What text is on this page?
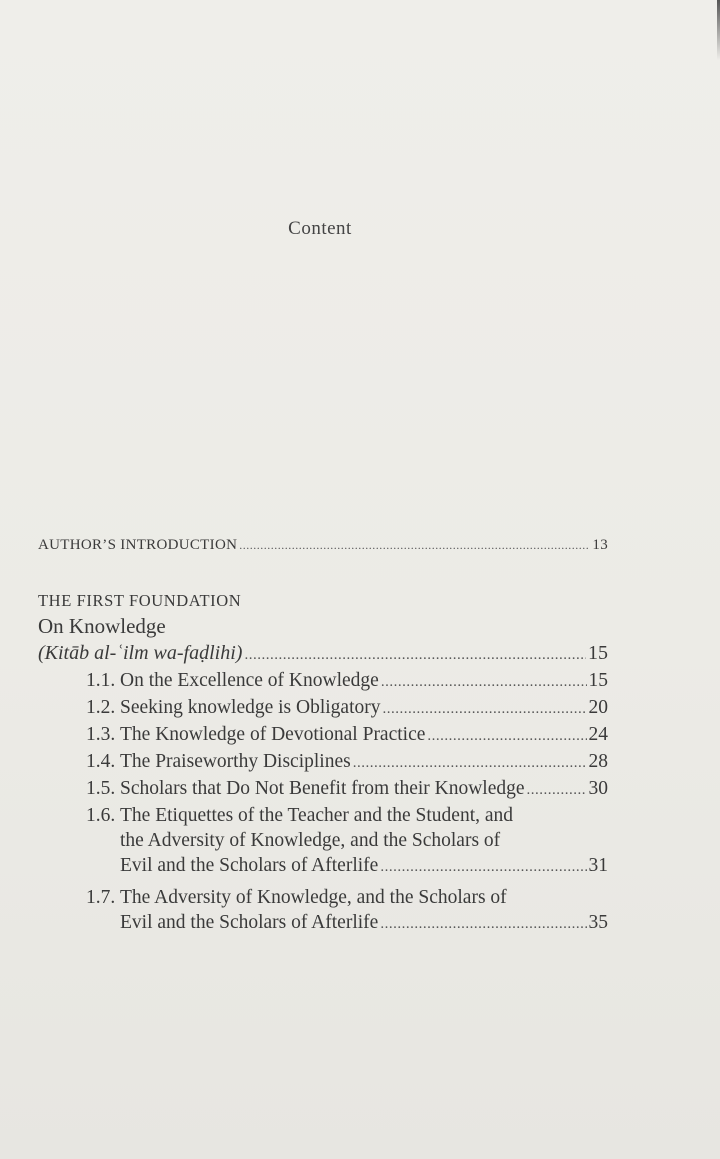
Content
AUTHOR’S INTRODUCTION .....	13
THE FIRST FOUNDATION
On Knowledge
(Kitāb al-ʿilm wa-faḍlihi) .....	15
1.1. On the Excellence of Knowledge .....	15
1.2. Seeking knowledge is Obligatory .....	20
1.3. The Knowledge of Devotional Practice .....	24
1.4. The Praiseworthy Disciplines .....	28
1.5. Scholars that Do Not Benefit from their Knowledge .....	30
1.6. The Etiquettes of the Teacher and the Student, and
the Adversity of Knowledge, and the Scholars of
Evil and the Scholars of Afterlife .....	31
1.7. The Adversity of Knowledge, and the Scholars of
Evil and the Scholars of Afterlife .....	35
